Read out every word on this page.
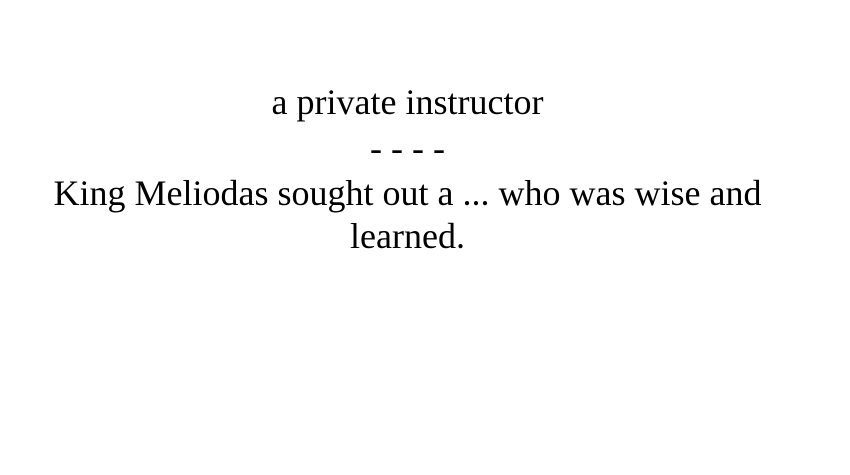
a private instructor
- - - -
King Meliodas sought out a ... who was wise and learned.
